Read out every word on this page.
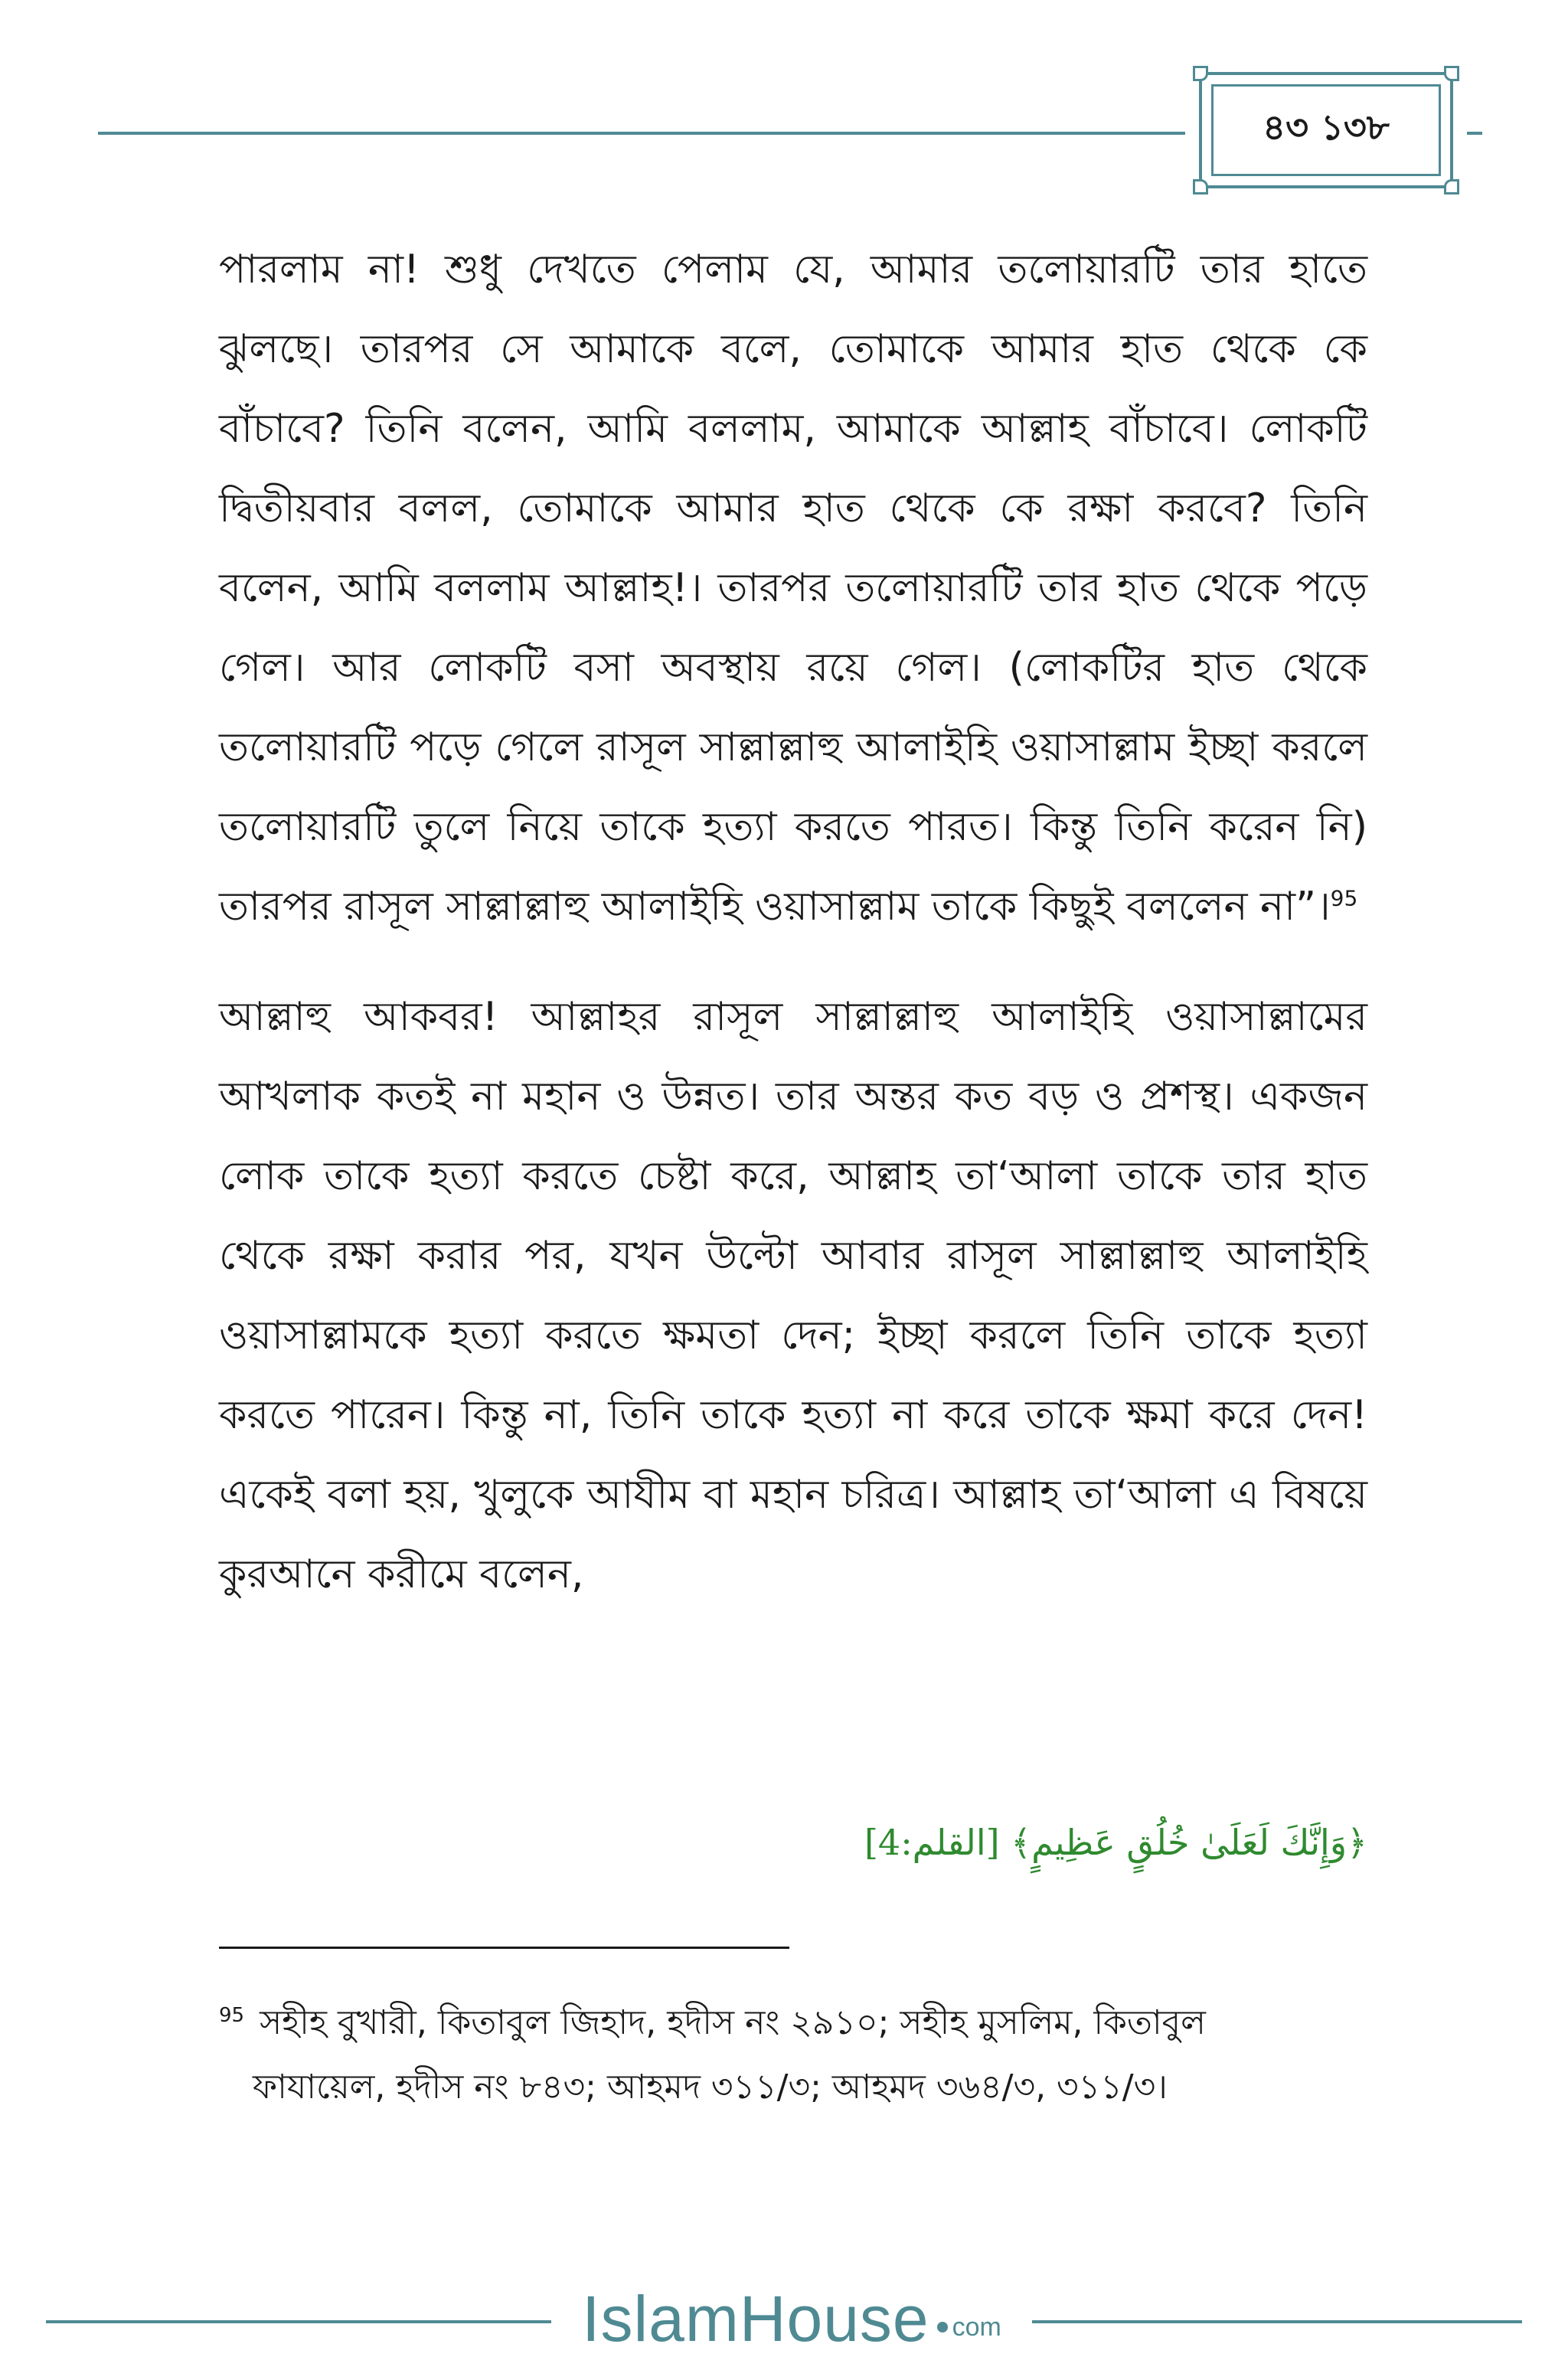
৪৩ ১৩৮

পারলাম না! শুধু দেখতে পেলাম যে, আমার তলোয়ারটি তার হাতে ঝুলছে। তারপর সে আমাকে বলে, তোমাকে আমার হাত থেকে কে বাঁচাবে? তিনি বলেন, আমি বললাম, আমাকে আল্লাহ বাঁচাবে। লোকটি দ্বিতীয়বার বলল, তোমাকে আমার হাত থেকে কে রক্ষা করবে? তিনি বলেন, আমি বললাম আল্লাহ!। তারপর তলোয়ারটি তার হাত থেকে পড়ে গেল। আর লোকটি বসা অবস্থায় রয়ে গেল। (লোকটির হাত থেকে তলোয়ারটি পড়ে গেলে রাসূল সাল্লাল্লাহু আলাইহি ওয়াসাল্লাম ইচ্ছা করলে তলোয়ারটি তুলে নিয়ে তাকে হত্যা করতে পারত। কিন্তু তিনি করেন নি) তারপর রাসূল সাল্লাল্লাহু আলাইহি ওয়াসাল্লাম তাকে কিছুই বললেন না”।$^{95}$

আল্লাহু আকবর! আল্লাহর রাসূল সাল্লাল্লাহু আলাইহি ওয়াসাল্লামের আখলাক কতই না মহান ও উন্নত। তার অন্তর কত বড় ও প্রশস্থ। একজন লোক তাকে হত্যা করতে চেষ্টা করে, আল্লাহ তা‘আলা তাকে তার হাত থেকে রক্ষা করার পর, যখন উল্টো আবার রাসূল সাল্লাল্লাহু আলাইহি ওয়াসাল্লামকে হত্যা করতে ক্ষমতা দেন; ইচ্ছা করলে তিনি তাকে হত্যা করতে পারেন। কিন্তু না, তিনি তাকে হত্যা না করে তাকে ক্ষমা করে দেন! একেই বলা হয়, খুলুকে আযীম বা মহান চরিত্র। আল্লাহ তা‘আলা এ বিষয়ে কুরআনে করীমে বলেন,

﴿وَإِنَّكَ لَعَلَىٰ خُلُقٍ عَظِيمٍ﴾ [القلم:4]
$^{95}$ সহীহ বুখারী, কিতাবুল জিহাদ, হদীস নং ২৯১০; সহীহ মুসলিম, কিতাবুল
ফাযায়েল, হদীস নং ৮৪৩; আহমদ ৩১১/৩; আহমদ ৩৬৪/৩, ৩১১/৩।
IslamHouse com
